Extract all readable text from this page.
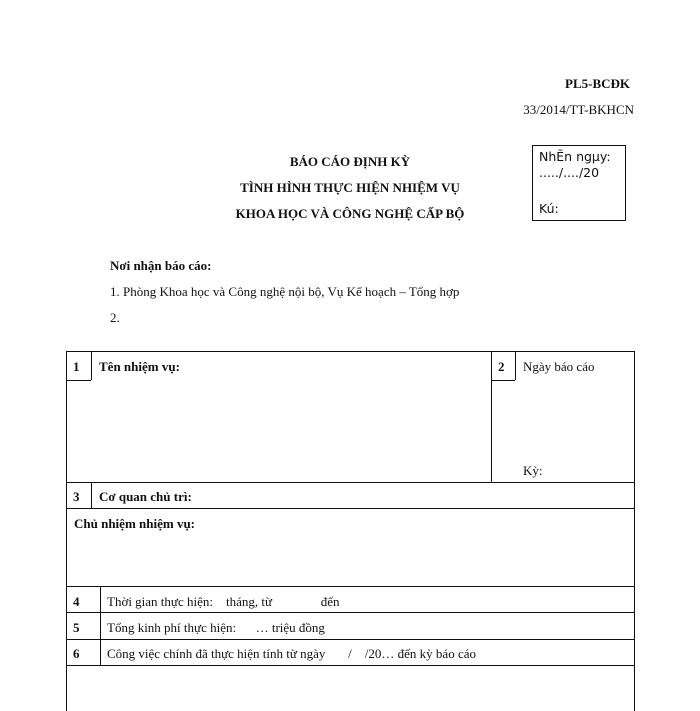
PL5-BCĐK
33/2014/TT-BKHCN
BÁO CÁO ĐỊNH KỲ
TÌNH HÌNH THỰC HIỆN NHIỆM VỤ
KHOA HỌC VÀ CÔNG NGHỆ CẤP BỘ
NhẼn ngµy:
...../..../20
Kú:
Nơi nhận báo cáo:
1. Phòng Khoa học và Công nghệ nội bộ, Vụ Kế hoạch – Tổng hợp
2.
1 Tên nhiệm vụ:	2 Ngày báo cáo
Kỳ:
3 Cơ quan chủ trì:
Chủ nhiệm nhiệm vụ:
4 Thời gian thực hiện:    tháng, từ               đến
5 Tổng kinh phí thực hiện:      … triệu đồng
6 Công việc chính đã thực hiện tính từ ngày       /    /20… đến kỳ báo cáo
